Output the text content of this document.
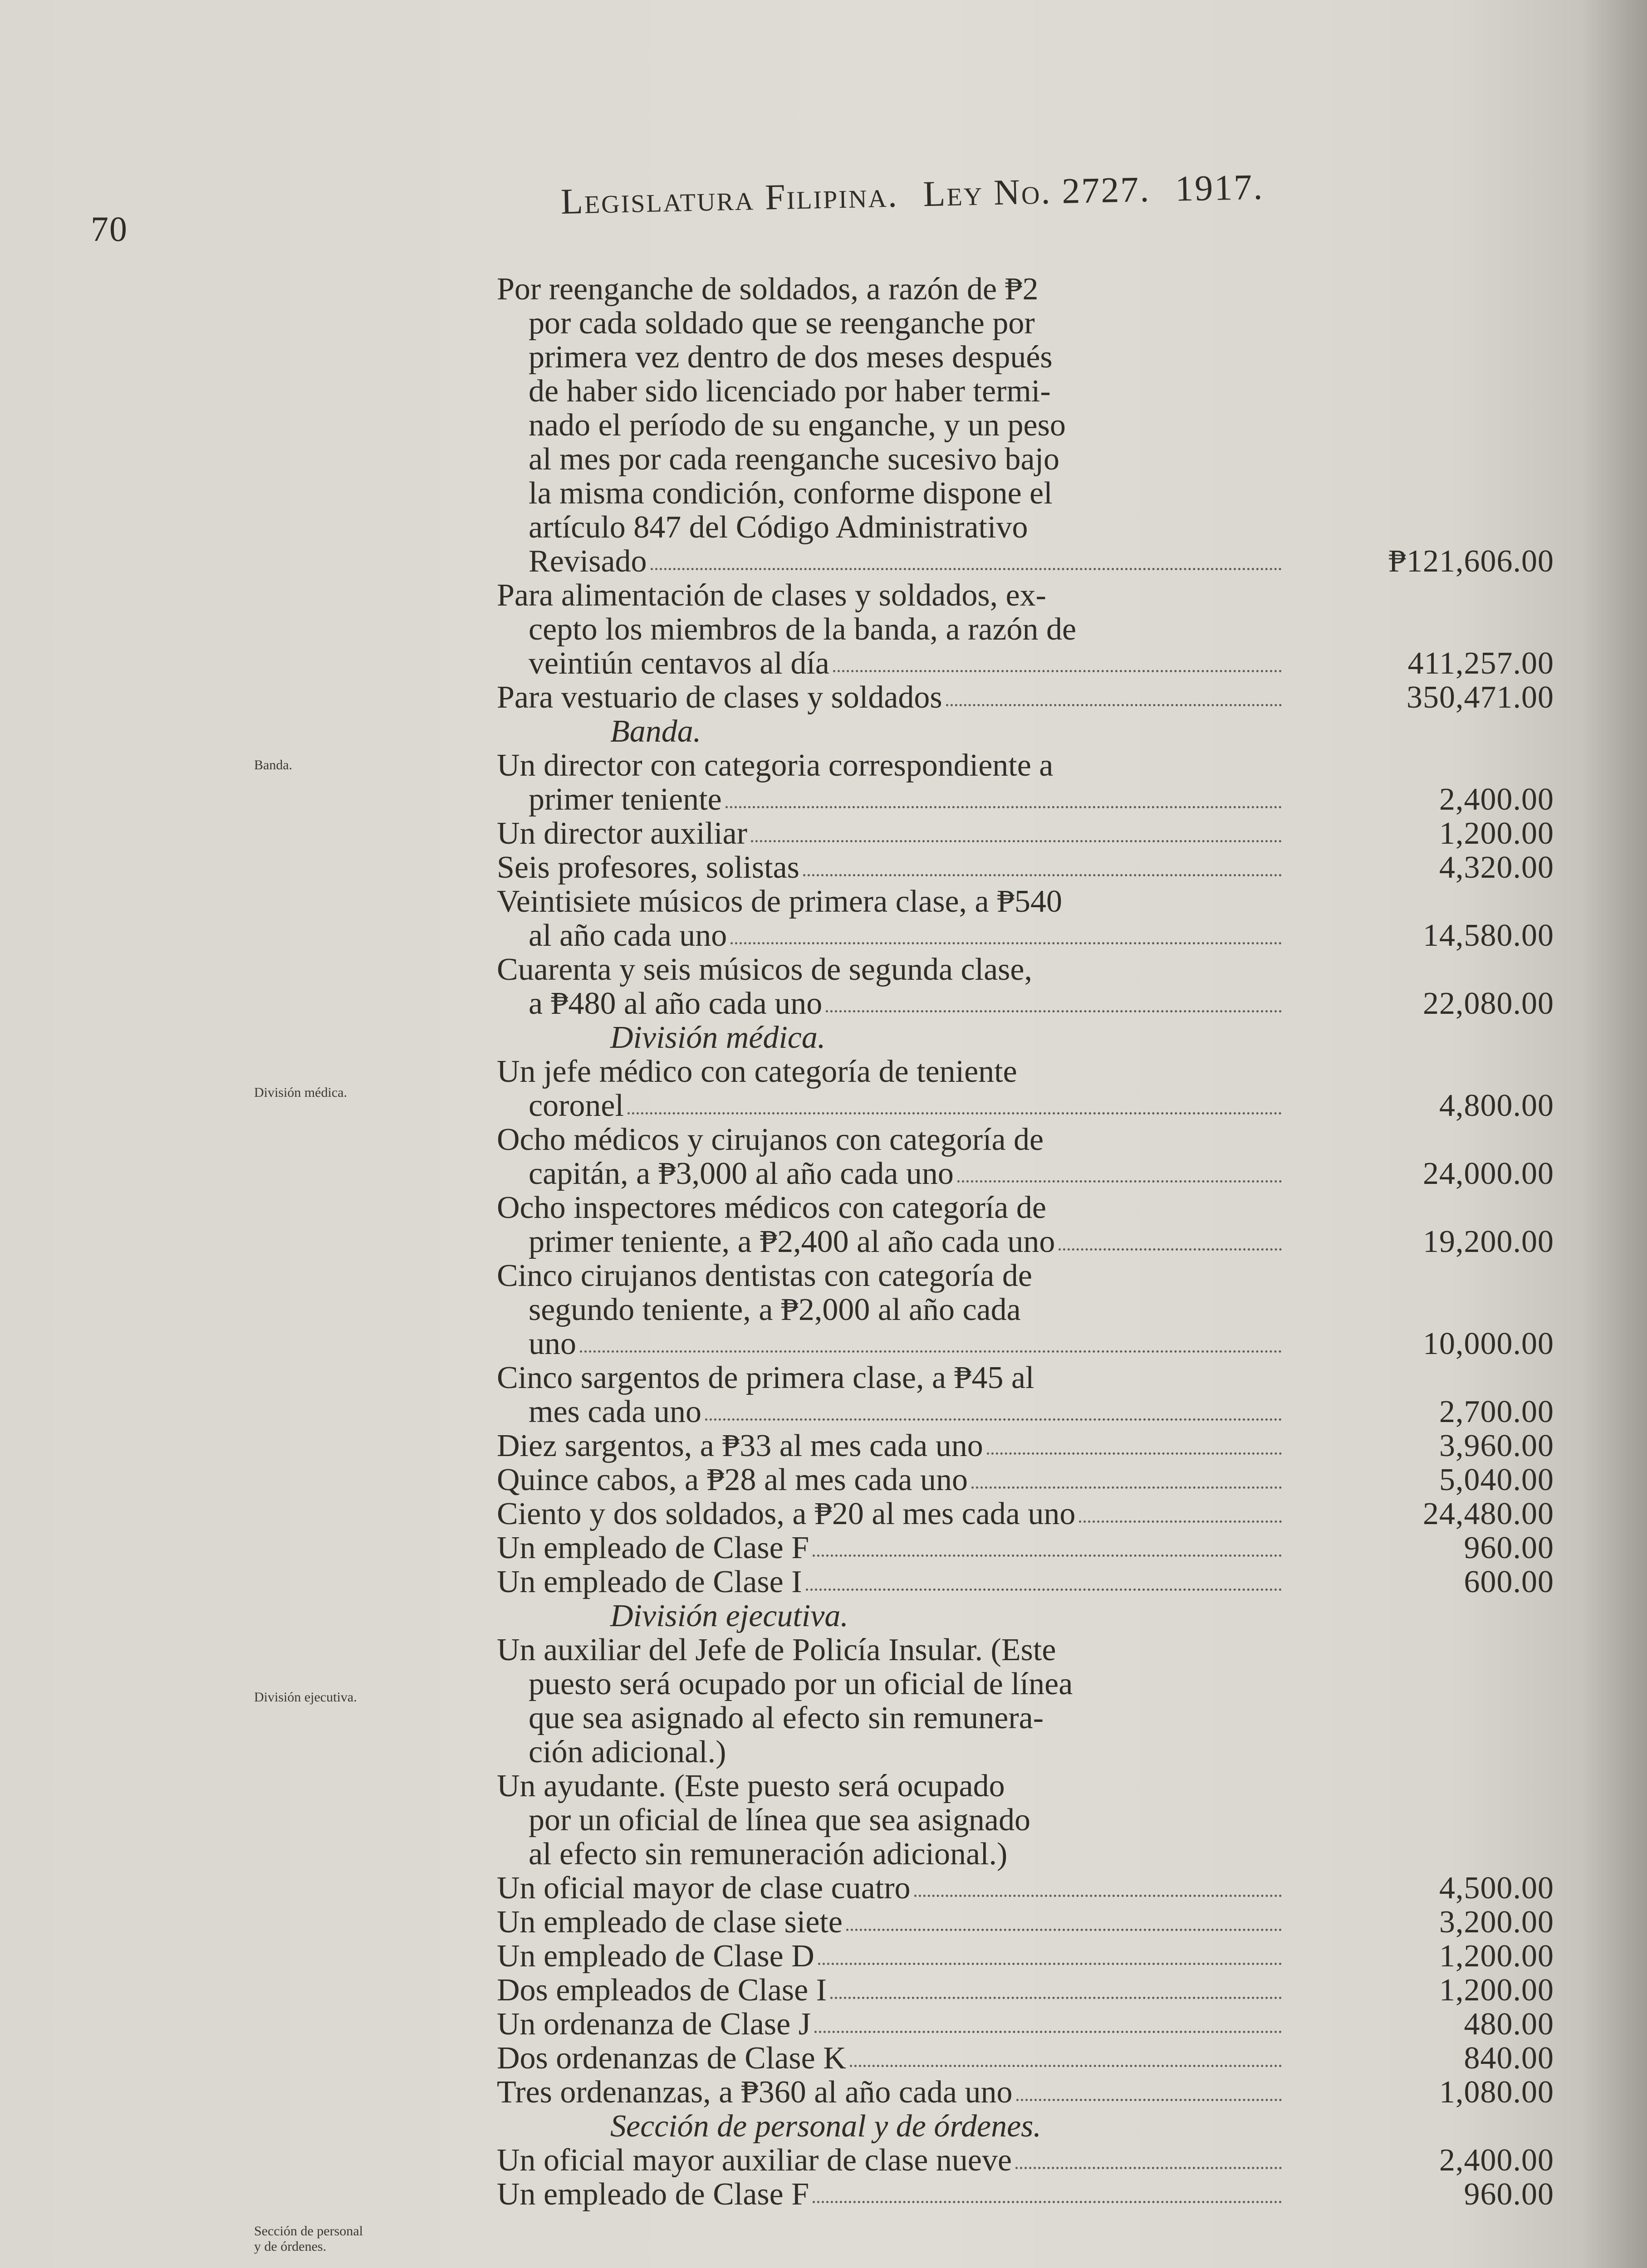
70
Legislatura Filipina. Ley No. 2727. 1917.
Banda.
División médica.
División ejecutiva.
Sección de personal
y de órdenes.
Por reenganche de soldados, a razón de ₱2
por cada soldado que se reenganche por
primera vez dentro de dos meses después
de haber sido licenciado por haber termi-
nado el período de su enganche, y un peso
al mes por cada reenganche sucesivo bajo
la misma condición, conforme dispone el
artículo 847 del Código Administrativo
Revisado	₱121,606.00
Para alimentación de clases y soldados, ex-
cepto los miembros de la banda, a razón de
veintiún centavos al día	411,257.00
Para vestuario de clases y soldados	350,471.00
Banda.
Un director con categoria correspondiente a
primer teniente	2,400.00
Un director auxiliar	1,200.00
Seis profesores, solistas	4,320.00
Veintisiete músicos de primera clase, a ₱540
al año cada uno	14,580.00
Cuarenta y seis músicos de segunda clase,
a ₱480 al año cada uno	22,080.00
División médica.
Un jefe médico con categoría de teniente
coronel	4,800.00
Ocho médicos y cirujanos con categoría de
capitán, a ₱3,000 al año cada uno	24,000.00
Ocho inspectores médicos con categoría de
primer teniente, a ₱2,400 al año cada uno	19,200.00
Cinco cirujanos dentistas con categoría de
segundo teniente, a ₱2,000 al año cada
uno	10,000.00
Cinco sargentos de primera clase, a ₱45 al
mes cada uno	2,700.00
Diez sargentos, a ₱33 al mes cada uno	3,960.00
Quince cabos, a ₱28 al mes cada uno	5,040.00
Ciento y dos soldados, a ₱20 al mes cada uno	24,480.00
Un empleado de Clase F	960.00
Un empleado de Clase I	600.00
División ejecutiva.
Un auxiliar del Jefe de Policía Insular. (Este
puesto será ocupado por un oficial de línea
que sea asignado al efecto sin remunera-
ción adicional.)
Un ayudante. (Este puesto será ocupado
por un oficial de línea que sea asignado
al efecto sin remuneración adicional.)
Un oficial mayor de clase cuatro	4,500.00
Un empleado de clase siete	3,200.00
Un empleado de Clase D	1,200.00
Dos empleados de Clase I	1,200.00
Un ordenanza de Clase J	480.00
Dos ordenanzas de Clase K	840.00
Tres ordenanzas, a ₱360 al año cada uno	1,080.00
Sección de personal y de órdenes.
Un oficial mayor auxiliar de clase nueve	2,400.00
Un empleado de Clase F	960.00
